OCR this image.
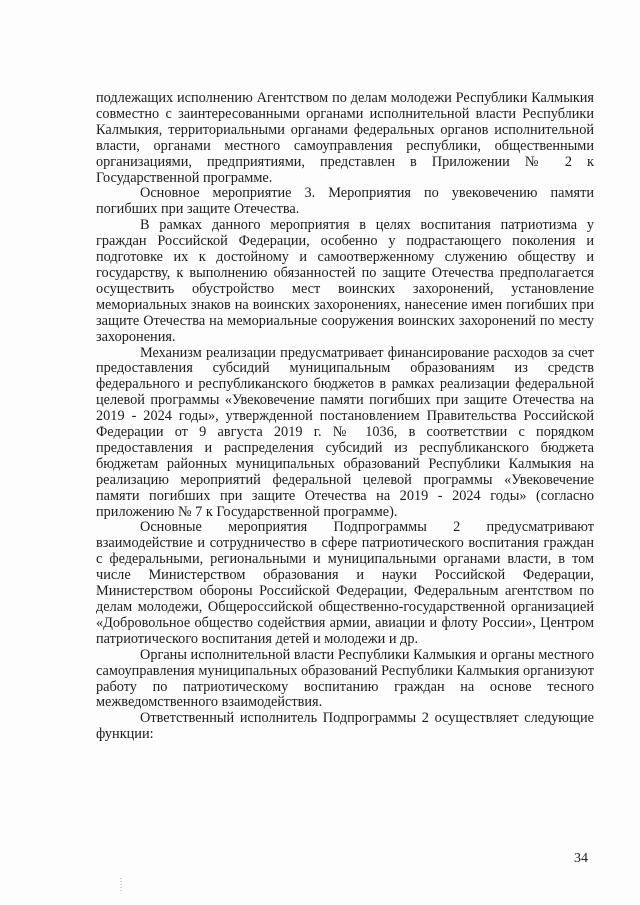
подлежащих исполнению Агентством по делам молодежи Республики Калмыкия совместно с заинтересованными органами исполнительной власти Республики Калмыкия, территориальными органами федеральных органов исполнительной власти, органами местного самоуправления республики, общественными организациями, предприятиями, представлен в Приложении № 2 к Государственной программе.

Основное мероприятие 3. Мероприятия по увековечению памяти погибших при защите Отечества.

В рамках данного мероприятия в целях воспитания патриотизма у граждан Российской Федерации, особенно у подрастающего поколения и подготовке их к достойному и самоотверженному служению обществу и государству, к выполнению обязанностей по защите Отечества предполагается осуществить обустройство мест воинских захоронений, установление мемориальных знаков на воинских захоронениях, нанесение имен погибших при защите Отечества на мемориальные сооружения воинских захоронений по месту захоронения.

Механизм реализации предусматривает финансирование расходов за счет предоставления субсидий муниципальным образованиям из средств федерального и республиканского бюджетов в рамках реализации федеральной целевой программы «Увековечение памяти погибших при защите Отечества на 2019 - 2024 годы», утвержденной постановлением Правительства Российской Федерации от 9 августа 2019 г. № 1036, в соответствии с порядком предоставления и распределения субсидий из республиканского бюджета бюджетам районных муниципальных образований Республики Калмыкия на реализацию мероприятий федеральной целевой программы «Увековечение памяти погибших при защите Отечества на 2019 - 2024 годы» (согласно приложению № 7 к Государственной программе).

Основные мероприятия Подпрограммы 2 предусматривают взаимодействие и сотрудничество в сфере патриотического воспитания граждан с федеральными, региональными и муниципальными органами власти, в том числе Министерством образования и науки Российской Федерации, Министерством обороны Российской Федерации, Федеральным агентством по делам молодежи, Общероссийской общественно-государственной организацией «Добровольное общество содействия армии, авиации и флоту России», Центром патриотического воспитания детей и молодежи и др.

Органы исполнительной власти Республики Калмыкия и органы местного самоуправления муниципальных образований Республики Калмыкия организуют работу по патриотическому воспитанию граждан на основе тесного межведомственного взаимодействия.

Ответственный исполнитель Подпрограммы 2 осуществляет следующие функции:

34
